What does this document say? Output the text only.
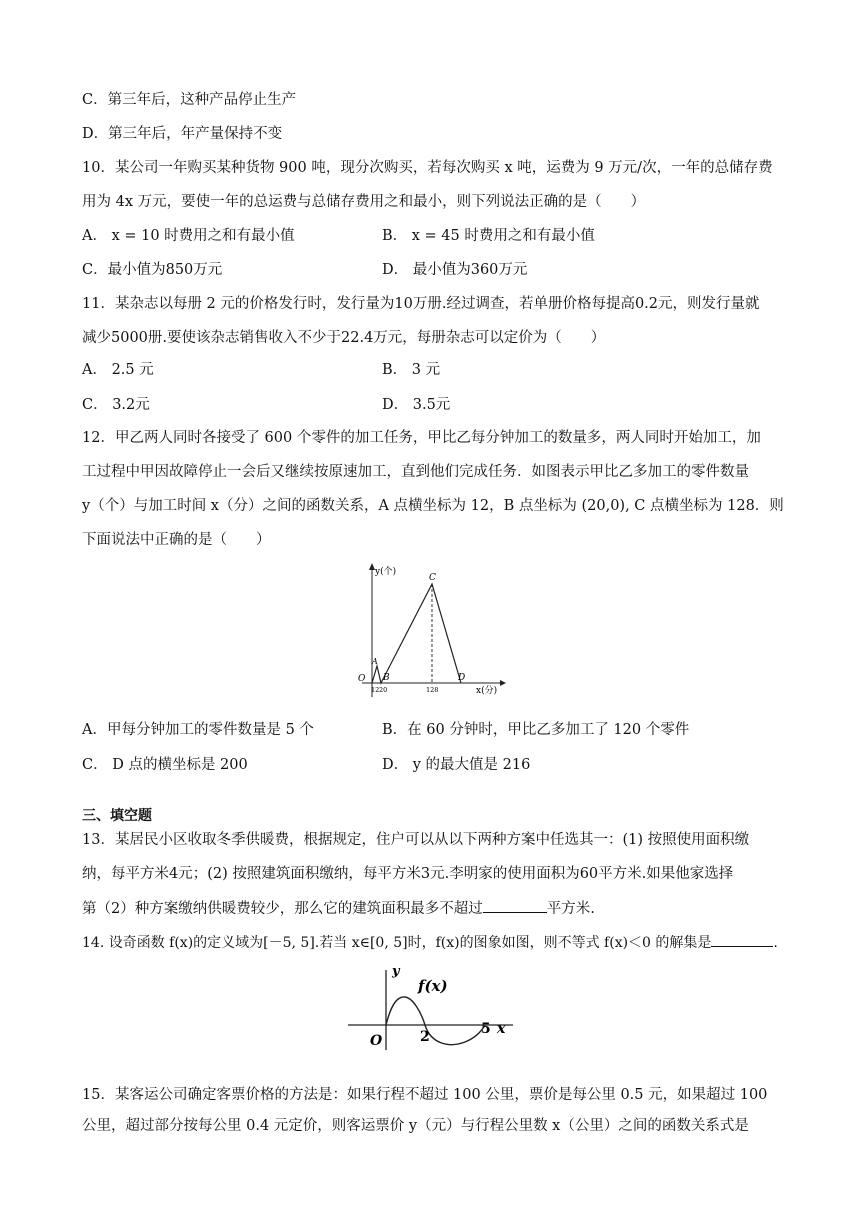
C．第三年后，这种产品停止生产
D．第三年后，年产量保持不变
10．某公司一年购买某种货物 900 吨，现分次购买，若每次购买 x 吨，运费为 9 万元/次，一年的总储存费
用为 4x 万元，要使一年的总运费与总储存费用之和最小，则下列说法正确的是（　　）
A． x = 10 时费用之和有最小值	B． x = 45 时费用之和有最小值
C．最小值为850万元	D． 最小值为360万元
11．某杂志以每册 2 元的价格发行时，发行量为10万册.经过调查，若单册价格每提高0.2元，则发行量就
减少5000册.要使该杂志销售收入不少于22.4万元，每册杂志可以定价为（　　）
A． 2.5 元	B． 3 元
C． 3.2元	D． 3.5元
12．甲乙两人同时各接受了 600 个零件的加工任务，甲比乙每分钟加工的数量多，两人同时开始加工，加
工过程中甲因故障停止一会后又继续按原速加工，直到他们完成任务．如图表示甲比乙多加工的零件数量
y（个）与加工时间 x（分）之间的函数关系，A 点横坐标为 12，B 点坐标为 (20,0), C 点横坐标为 128．则
下面说法中正确的是（　　）
y(个)
C
A
O B	D
12 20	128	x(分)
A．甲每分钟加工的零件数量是 5 个	B．在 60 分钟时，甲比乙多加工了 120 个零件
C． D 点的横坐标是 200	D． y 的最大值是 216
三、填空题
13．某居民小区收取冬季供暖费，根据规定，住户可以从以下两种方案中任选其一：(1) 按照使用面积缴
纳，每平方米4元；(2) 按照建筑面积缴纳，每平方米3元.李明家的使用面积为60平方米.如果他家选择
第（2）种方案缴纳供暖费较少，那么它的建筑面积最多不超过	平方米.
14. 设奇函数 f(x)的定义域为[－5, 5].若当 x∈[0, 5]时，f(x)的图象如图，则不等式 f(x)＜0 的解集是	.
y
f(x)
O	2	5 x
15．某客运公司确定客票价格的方法是：如果行程不超过 100 公里，票价是每公里 0.5 元，如果超过 100
公里，超过部分按每公里 0.4 元定价，则客运票价 y（元）与行程公里数 x（公里）之间的函数关系式是
